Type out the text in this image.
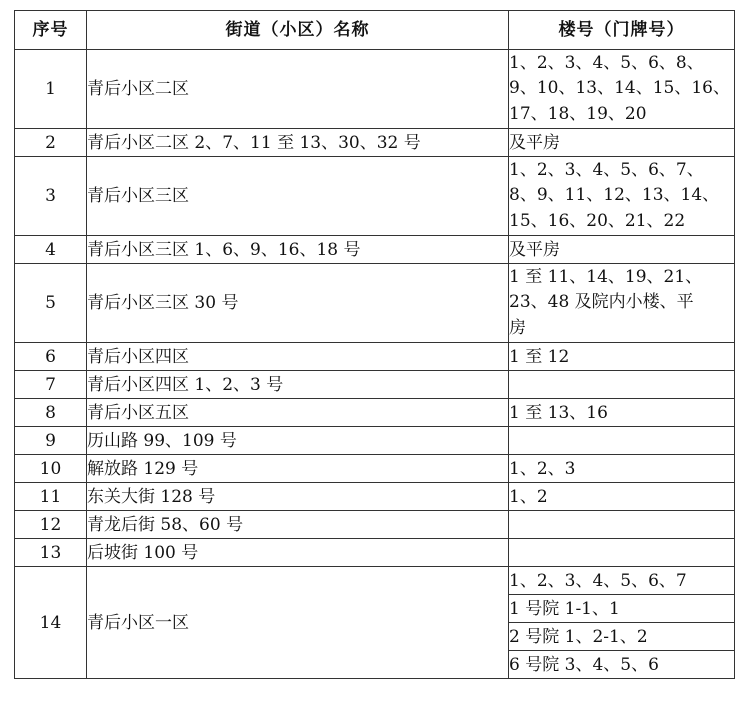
序号	街道（小区）名称	楼号（门牌号）
1	青后小区二区	1、2、3、4、5、6、8、
9、10、13、14、15、16、
17、18、19、20

2	青后小区二区 2、7、11 至 13、30、32 号	及平房
3	青后小区三区	1、2、3、4、5、6、7、
8、9、11、12、13、14、
15、16、20、21、22

4	青后小区三区 1、6、9、16、18 号	及平房
5	青后小区三区 30 号	1 至 11、14、19、21、
23、48 及院内小楼、平
房

6	青后小区四区	1 至 12
7	青后小区四区 1、2、3 号	
8	青后小区五区	1 至 13、16
9	历山路 99、109 号	
10	解放路 129 号	1、2、3
11	东关大街 128 号	1、2
12	青龙后街 58、60 号	
13	后坡街 100 号	
14	青后小区一区	1、2、3、4、5、6、7
		1 号院 1-1、1
		2 号院 1、2-1、2
		6 号院 3、4、5、6
